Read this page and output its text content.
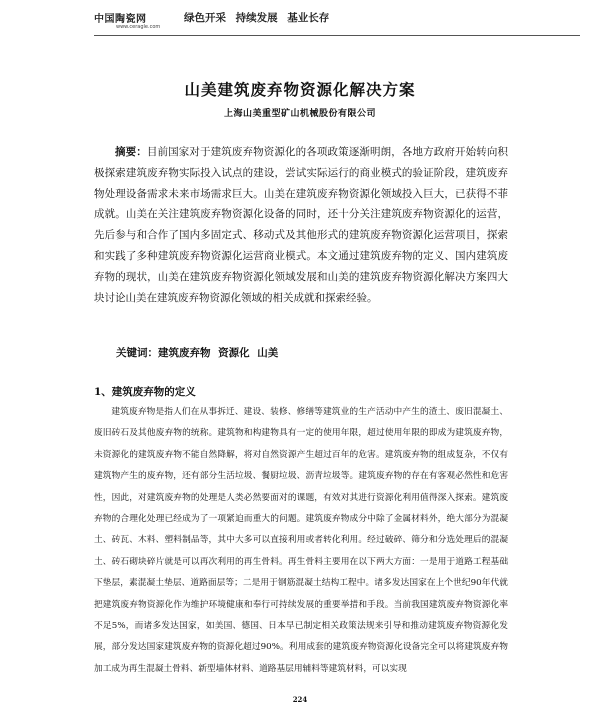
中国陶瓷网
www.ceragle.com
绿色开采 持续发展 基业长存
山美建筑废弃物资源化解决方案
上海山美重型矿山机械股份有限公司
摘要：目前国家对于建筑废弃物资源化的各项政策逐渐明朗，各地方政府开始转向积极探索建筑废弃物实际投入试点的建设，尝试实际运行的商业模式的验证阶段，建筑废弃物处理设备需求未来市场需求巨大。山美在建筑废弃物资源化领域投入巨大，已获得不菲成就。山美在关注建筑废弃物资源化设备的同时，还十分关注建筑废弃物资源化的运营，先后参与和合作了国内多固定式、移动式及其他形式的建筑废弃物资源化运营项目，探索和实践了多种建筑废弃物资源化运营商业模式。本文通过建筑废弃物的定义、国内建筑废弃物的现状，山美在建筑废弃物资源化领域发展和山美的建筑废弃物资源化解决方案四大块讨论山美在建筑废弃物资源化领域的相关成就和探索经验。
关键词：建筑废弃物 资源化 山美
1、建筑废弃物的定义
建筑废弃物是指人们在从事拆迁、建设、装修、修缮等建筑业的生产活动中产生的渣土、废旧混凝土、废旧砖石及其他废弃物的统称。建筑物和构建物具有一定的使用年限，超过使用年限的即成为建筑废弃物，未资源化的建筑废弃物不能自然降解，将对自然资源产生超过百年的危害。建筑废弃物的组成复杂，不仅有建筑物产生的废弃物，还有部分生活垃圾、餐厨垃圾、沥青垃圾等。建筑废弃物的存在有客观必然性和危害性，因此，对建筑废弃物的处理是人类必然要面对的课题，有效对其进行资源化利用值得深入探索。建筑废弃物的合理化处理已经成为了一项紧迫而重大的问题。建筑废弃物成分中除了金属材料外，绝大部分为混凝土、砖瓦、木料、塑料制品等，其中大多可以直接利用或者转化利用。经过破碎、筛分和分选处理后的混凝土、砖石砌块碎片就是可以再次利用的再生骨料。再生骨料主要用在以下两大方面：一是用于道路工程基础下垫层，素混凝土垫层、道路面层等；二是用于钢筋混凝土结构工程中。诸多发达国家在上个世纪90年代就把建筑废弃物资源化作为维护环境健康和奉行可持续发展的重要举措和手段。当前我国建筑废弃物资源化率不足5%，而诸多发达国家，如美国、德国、日本早已制定相关政策法规来引导和推动建筑废弃物资源化发展，部分发达国家建筑废弃物的资源化超过90%。利用成套的建筑废弃物资源化设备完全可以将建筑废弃物加工成为再生混凝土骨料、新型墙体材料、道路基层用辅料等建筑材料，可以实现
224
